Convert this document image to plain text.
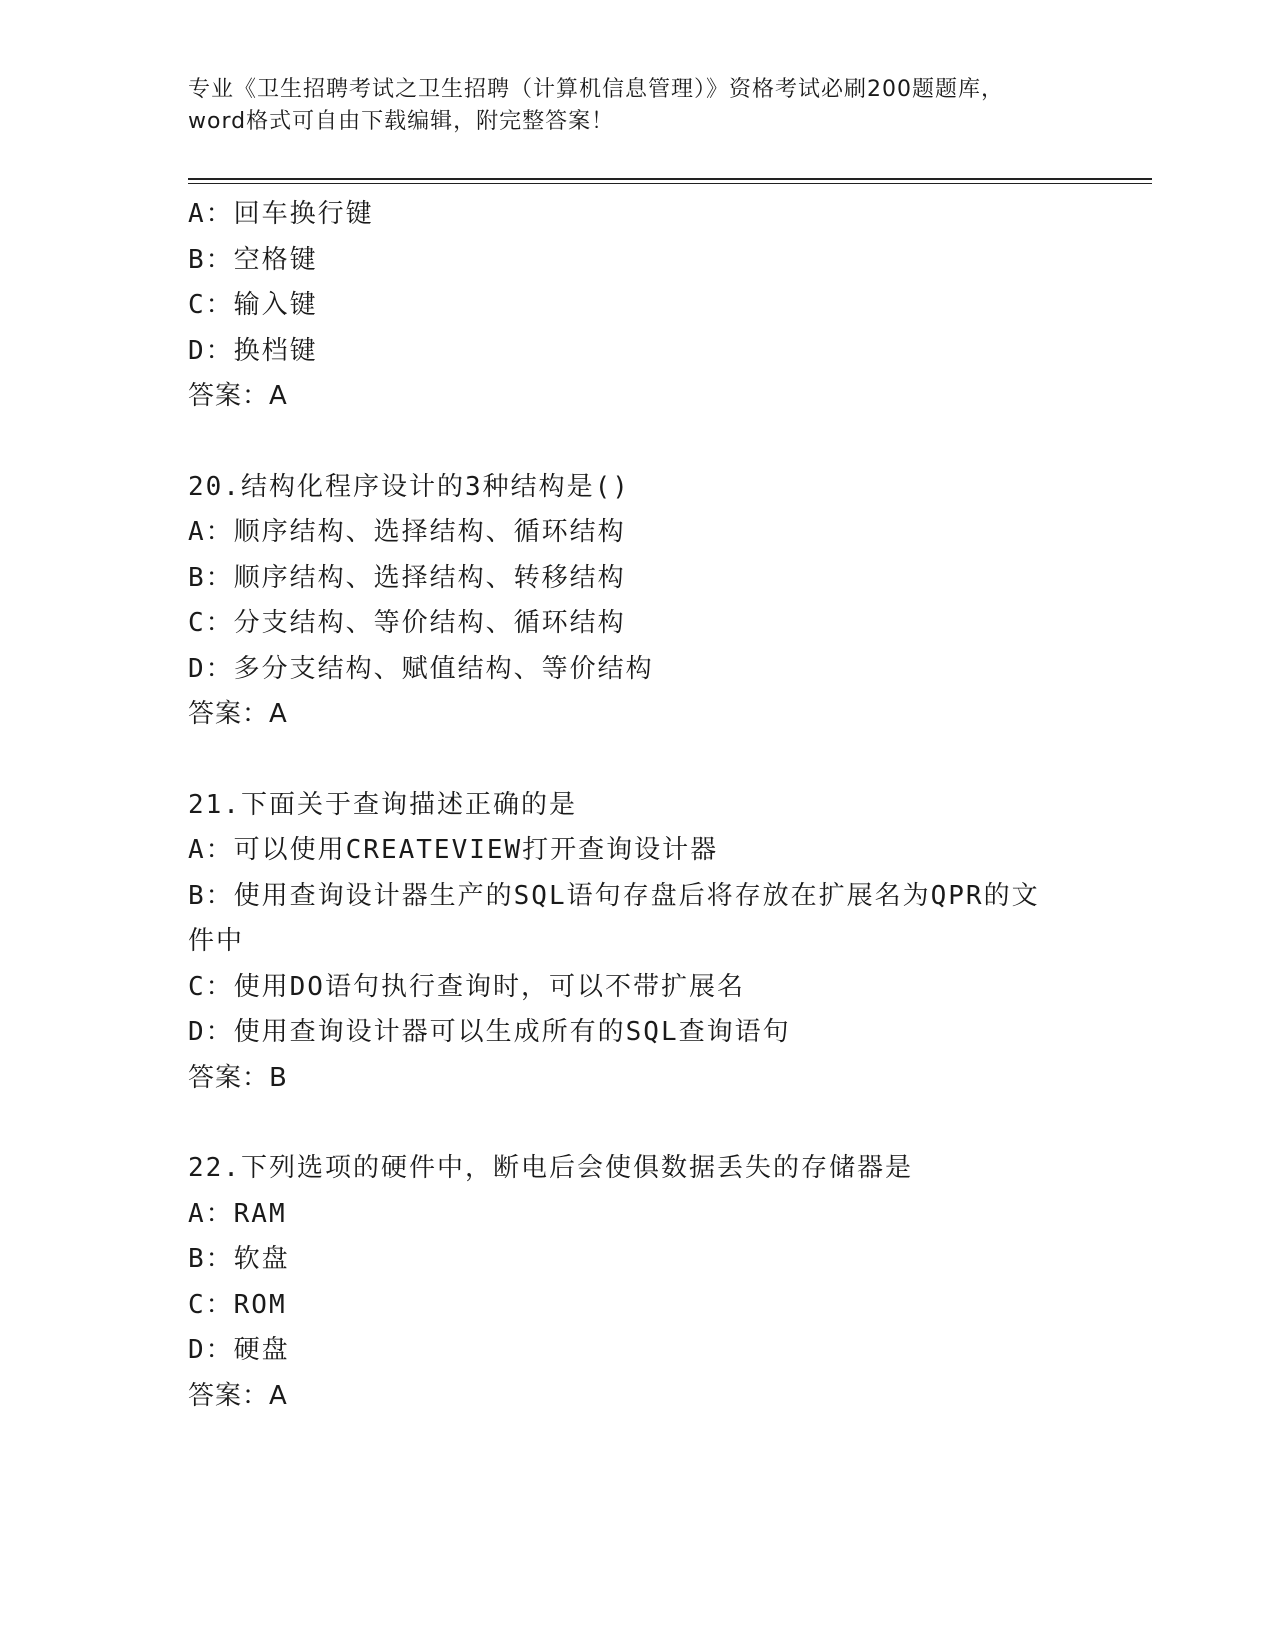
专业《卫生招聘考试之卫生招聘（计算机信息管理）》资格考试必刷200题题库，
word格式可自由下载编辑，附完整答案！
A：回车换行键
B：空格键
C：输入键
D：换档键
答案：A
20.结构化程序设计的3种结构是()
A：顺序结构、选择结构、循环结构
B：顺序结构、选择结构、转移结构
C：分支结构、等价结构、循环结构
D：多分支结构、赋值结构、等价结构
答案：A
21.下面关于查询描述正确的是
A：可以使用CREATEVIEW打开查询设计器
B：使用查询设计器生产的SQL语句存盘后将存放在扩展名为QPR的文件中
C：使用DO语句执行查询时，可以不带扩展名
D：使用查询设计器可以生成所有的SQL查询语句
答案：B
22.下列选项的硬件中，断电后会使俱数据丢失的存储器是
A：RAM
B：软盘
C：ROM
D：硬盘
答案：A
